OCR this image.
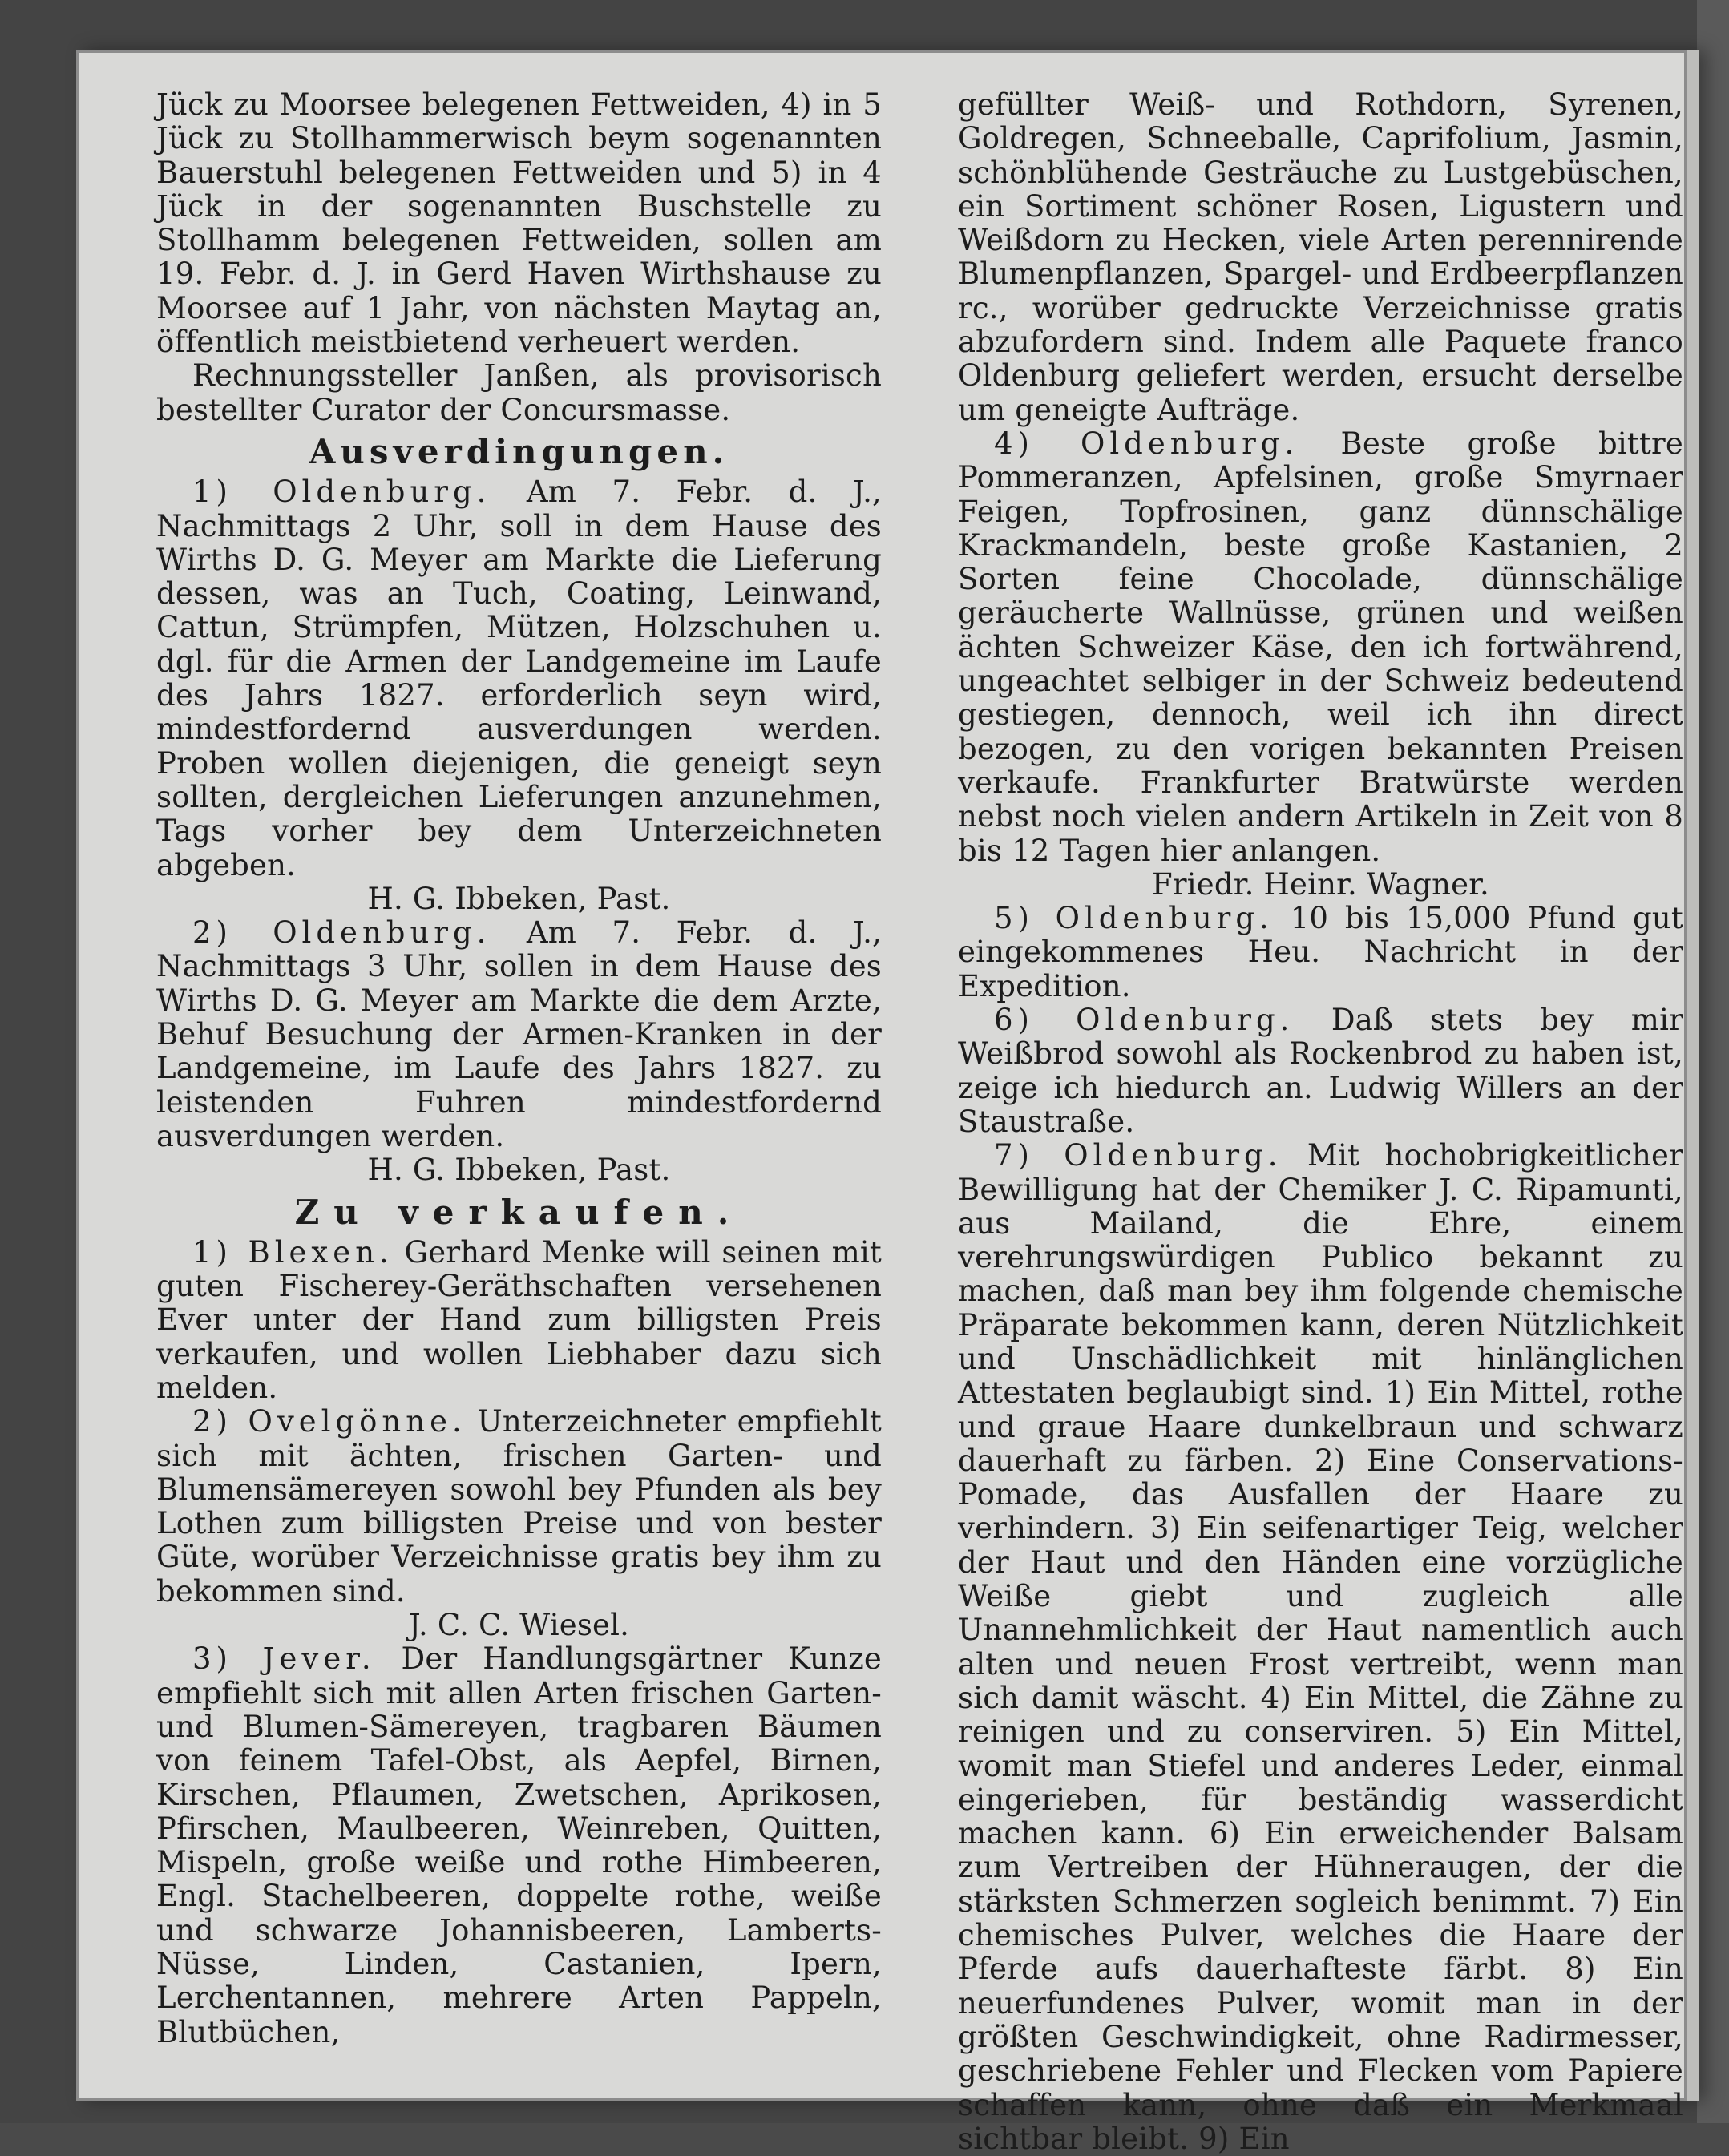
Jück zu Moorsee belegenen Fettweiden, 4) in 5 Jück zu Stollhammerwisch beym sogenannten Bauerstuhl belegenen Fettweiden und 5) in 4 Jück in der sogenannten Buschstelle zu Stollhamm belegenen Fettweiden, sollen am 19. Febr. d. J. in Gerd Haven Wirthshause zu Moorsee auf 1 Jahr, von nächsten Maytag an, öffentlich meistbietend verheuert werden.

Rechnungssteller Janßen, als provisorisch bestellter Curator der Concursmasse.

Ausverdingungen.

1) Oldenburg. Am 7. Febr. d. J., Nachmittags 2 Uhr, soll in dem Hause des Wirths D. G. Meyer am Markte die Lieferung dessen, was an Tuch, Coating, Leinwand, Cattun, Strümpfen, Mützen, Holzschuhen u. dgl. für die Armen der Landgemeine im Laufe des Jahrs 1827. erforderlich seyn wird, mindestfordernd ausverdungen werden. Proben wollen diejenigen, die geneigt seyn sollten, dergleichen Lieferungen anzunehmen, Tags vorher bey dem Unterzeichneten abgeben.

H. G. Ibbeken, Past.

2) Oldenburg. Am 7. Febr. d. J., Nachmittags 3 Uhr, sollen in dem Hause des Wirths D. G. Meyer am Markte die dem Arzte, Behuf Besuchung der Armen-Kranken in der Landgemeine, im Laufe des Jahrs 1827. zu leistenden Fuhren mindestfordernd ausverdungen werden.

H. G. Ibbeken, Past.

Zu verkaufen.

1) Blexen. Gerhard Menke will seinen mit guten Fischerey-Geräthschaften versehenen Ever unter der Hand zum billigsten Preis verkaufen, und wollen Liebhaber dazu sich melden.

2) Ovelgönne. Unterzeichneter empfiehlt sich mit ächten, frischen Garten- und Blumensämereyen sowohl bey Pfunden als bey Lothen zum billigsten Preise und von bester Güte, worüber Verzeichnisse gratis bey ihm zu bekommen sind.

J. C. C. Wiesel.

3) Jever. Der Handlungsgärtner Kunze empfiehlt sich mit allen Arten frischen Garten- und Blumen-Sämereyen, tragbaren Bäumen von feinem Tafel-Obst, als Aepfel, Birnen, Kirschen, Pflaumen, Zwetschen, Aprikosen, Pfirschen, Maulbeeren, Weinreben, Quitten, Mispeln, große weiße und rothe Himbeeren, Engl. Stachelbeeren, doppelte rothe, weiße und schwarze Johannisbeeren, Lamberts-Nüsse, Linden, Castanien, Ipern, Lerchentannen, mehrere Arten Pappeln, Blutbüchen,

gefüllter Weiß- und Rothdorn, Syrenen, Goldregen, Schneeballe, Caprifolium, Jasmin, schönblühende Gesträuche zu Lustgebüschen, ein Sortiment schöner Rosen, Ligustern und Weißdorn zu Hecken, viele Arten perennirende Blumenpflanzen, Spargel- und Erdbeerpflanzen rc., worüber gedruckte Verzeichnisse gratis abzufordern sind. Indem alle Paquete franco Oldenburg geliefert werden, ersucht derselbe um geneigte Aufträge.

4) Oldenburg. Beste große bittre Pommeranzen, Apfelsinen, große Smyrnaer Feigen, Topfrosinen, ganz dünnschälige Krackmandeln, beste große Kastanien, 2 Sorten feine Chocolade, dünnschälige geräucherte Wallnüsse, grünen und weißen ächten Schweizer Käse, den ich fortwährend, ungeachtet selbiger in der Schweiz bedeutend gestiegen, dennoch, weil ich ihn direct bezogen, zu den vorigen bekannten Preisen verkaufe. Frankfurter Bratwürste werden nebst noch vielen andern Artikeln in Zeit von 8 bis 12 Tagen hier anlangen.

Friedr. Heinr. Wagner.

5) Oldenburg. 10 bis 15,000 Pfund gut eingekommenes Heu. Nachricht in der Expedition.

6) Oldenburg. Daß stets bey mir Weißbrod sowohl als Rockenbrod zu haben ist, zeige ich hiedurch an. Ludwig Willers an der Staustraße.

7) Oldenburg. Mit hochobrigkeitlicher Bewilligung hat der Chemiker J. C. Ripamunti, aus Mailand, die Ehre, einem verehrungswürdigen Publico bekannt zu machen, daß man bey ihm folgende chemische Präparate bekommen kann, deren Nützlichkeit und Unschädlichkeit mit hinlänglichen Attestaten beglaubigt sind. 1) Ein Mittel, rothe und graue Haare dunkelbraun und schwarz dauerhaft zu färben. 2) Eine Conservations-Pomade, das Ausfallen der Haare zu verhindern. 3) Ein seifenartiger Teig, welcher der Haut und den Händen eine vorzügliche Weiße giebt und zugleich alle Unannehmlichkeit der Haut namentlich auch alten und neuen Frost vertreibt, wenn man sich damit wäscht. 4) Ein Mittel, die Zähne zu reinigen und zu conserviren. 5) Ein Mittel, womit man Stiefel und anderes Leder, einmal eingerieben, für beständig wasserdicht machen kann. 6) Ein erweichender Balsam zum Vertreiben der Hühneraugen, der die stärksten Schmerzen sogleich benimmt. 7) Ein chemisches Pulver, welches die Haare der Pferde aufs dauerhafteste färbt. 8) Ein neuerfundenes Pulver, womit man in der größten Geschwindigkeit, ohne Radirmesser, geschriebene Fehler und Flecken vom Papiere schaffen kann, ohne daß ein Merkmaal sichtbar bleibt. 9) Ein
